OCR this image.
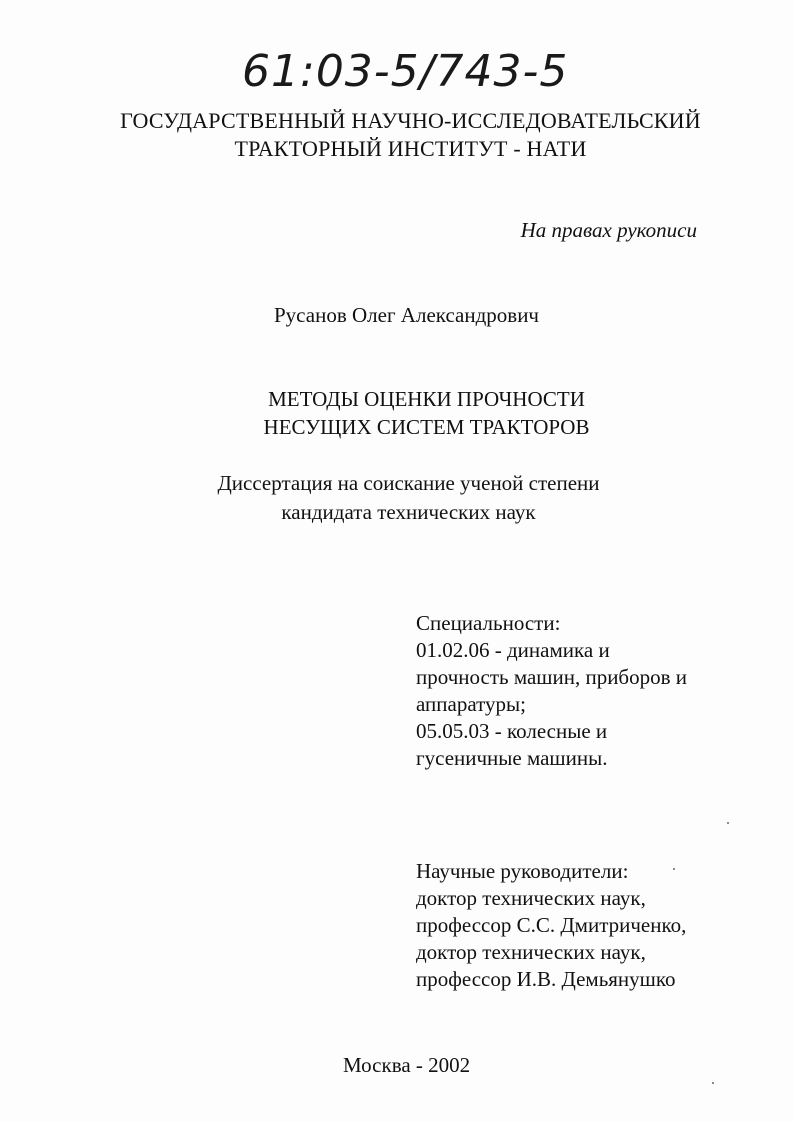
61:03-5/743-5
ГОСУДАРСТВЕННЫЙ НАУЧНО-ИССЛЕДОВАТЕЛЬСКИЙ
ТРАКТОРНЫЙ ИНСТИТУТ - НАТИ
На правах рукописи
Русанов Олег Александрович
МЕТОДЫ ОЦЕНКИ ПРОЧНОСТИ
НЕСУЩИХ СИСТЕМ ТРАКТОРОВ
Диссертация на соискание ученой степени
кандидата технических наук
Специальности:
01.02.06 - динамика и
прочность машин, приборов и
аппаратуры;
05.05.03 - колесные и
гусеничные машины.
Научные руководители:
доктор технических наук,
профессор С.С. Дмитриченко,
доктор технических наук,
профессор И.В. Демьянушко
Москва - 2002
